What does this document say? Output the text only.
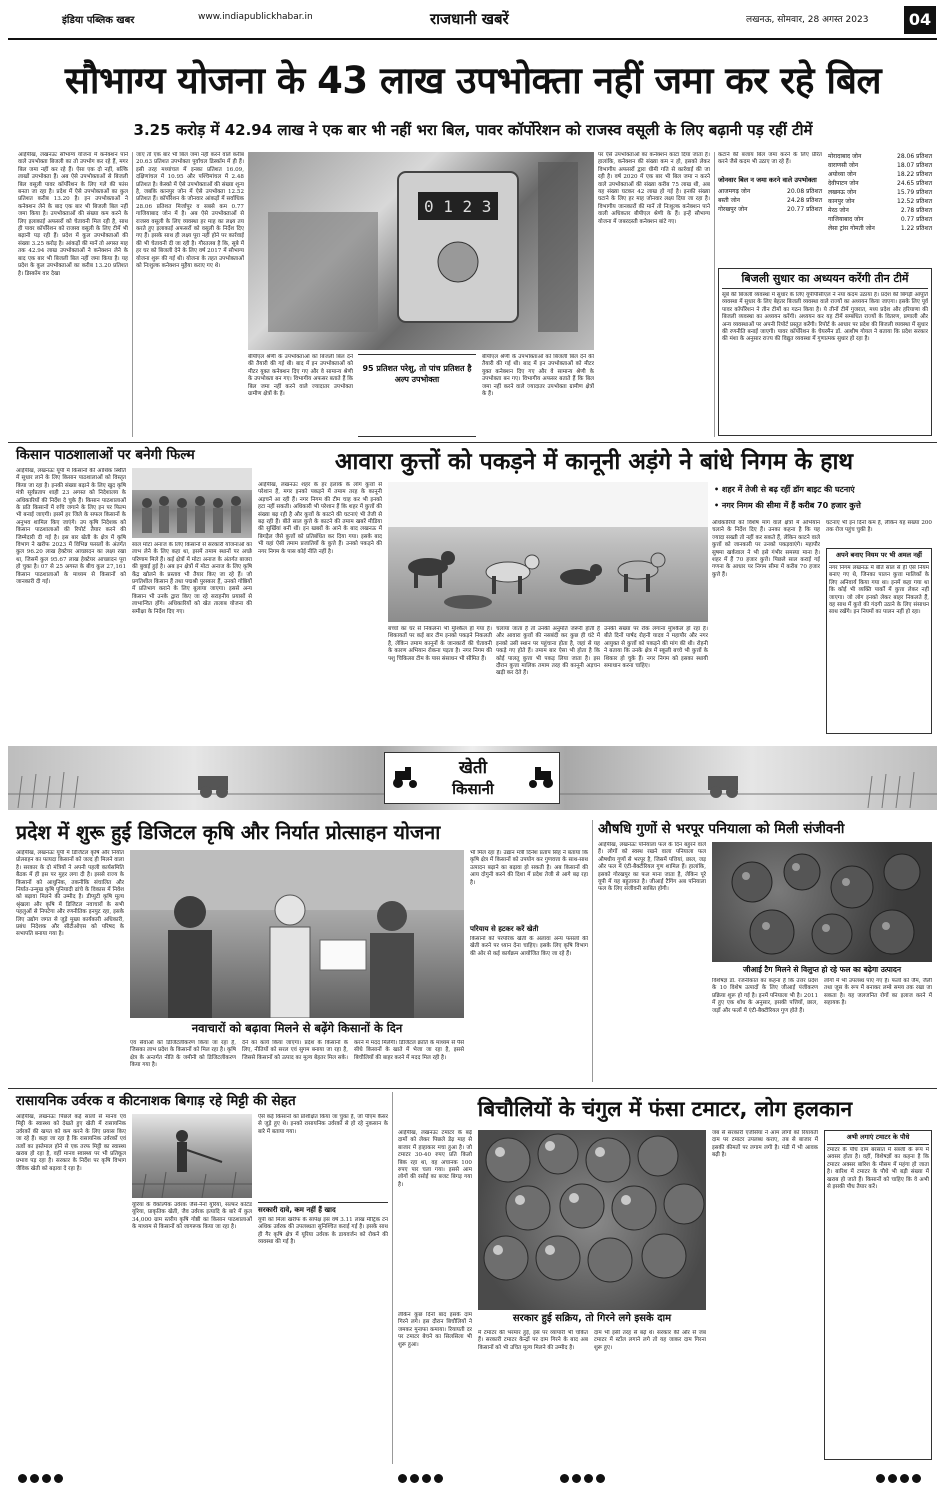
इंडिया पब्लिक खबर	www.indiapublickhabar.in	राजधानी खबरें	लखनऊ, सोमवार, 28 अगस्त 2023	04
सौभाग्य योजना के 43 लाख उपभोक्ता नहीं जमा कर रहे बिल
3.25 करोड़ में 42.94 लाख ने एक बार भी नहीं भरा बिल, पावर कॉर्पोरेशन को राजस्व वसूली के लिए बढ़ानी पड़ रहीं टीमें
आईपीख, लखनऊः सौभाग्य योजना में कनेक्शन पाने वाले उपभोक्ता बिजली का तो उपभोग कर रहे हैं, मगर बिल जमा नहीं कर रहे हैं। ऐसा एक दो नहीं, बल्कि लाखों उपभोक्ता हैं। अब ऐसे उपभोक्ताओं से बिजली बिल वसूली पावर कॉर्पोरेशन के लिए गले की फांस बनता जा रहा है। प्रदेश में ऐसे उपभोक्ताओं का कुल प्रतिशत करीब 13.20 है। इन उपभोक्ताओं ने कनेक्शन लेने के बाद एक बार भी बिजली बिल नहीं जमा किया है। उपभोक्ताओं की संख्या कम करने के लिए इलाकाई अफसरों को चेतावनी मिल रही है, साथ ही पावर कॉर्पोरेशन को राजस्व वसूली के लिए टीमें भी बढ़ानी पड़ रही हैं। प्रदेश में कुल उपभोक्ताओं की संख्या 3.25 करोड़ है। आंकड़ों की मानें तो अगस्त माह तक 42.94 लाख उपभोक्ताओं ने कनेक्शन लेने के बाद एक बार भी बिजली बिल नहीं जमा किया है। यह प्रदेश के कुल उपभोक्ताओं का करीब 13.20 प्रतिशत है। डिस्कॉम वार देखा
जाए तो एक बार भी बिल जमा नहीं करने वाले करीब 20.63 प्रतिशत उपभोक्ता पूर्वांचल डिस्कॉम में ही हैं। इसी तरह मध्यांचल में इनका प्रतिशत 16.09, दक्षिणांचल में 10.95 और पश्चिमांचल में 2.48 प्रतिशत है। केस्को में ऐसे उपभोक्ताओं की संख्या शून्य है, जबकि कानपुर जोन में ऐसे उपभोक्ता 12.52 प्रतिशत हैं। कॉर्पोरेशन के जोनवार आंकड़ों में सर्वाधिक 28.06 प्रतिशत मिर्जापुर व सबसे कम 0.77 गाजियाबाद जोन में है। अब ऐसे उपभोक्ताओं से राजस्व वसूली के लिए व्यवस्था हर माह का लक्ष्य तय करते हुए इलाकाई अफसरों को वसूली के निर्देश दिए गए हैं। इसके साथ ही लक्ष्य पूरा नहीं होने पर कार्रवाई की भी चेतावनी दी जा रही है। गौरतलब है कि, सूबे में हर घर को बिजली देने के लिए वर्ष 2017 में सौभाग्य योजना शुरू की गई थी। योजना के तहत उपभोक्ताओं को निःशुल्क कनेक्शन मुहैया कराए गए थे।
0 1 2 3
बीपीएल श्रेणी के उपभोक्ताओं को बिजली बिल देने की तैयारी की गई थी। बाद में इन उपभोक्ताओं को मीटर युक्त कनेक्शन दिए गए और वे सामान्य श्रेणी के उपभोक्ता बन गए। विभागीय अफसर बताते हैं कि बिल जमा नहीं करने वाले ज्यादातर उपभोक्ता ग्रामीण क्षेत्रों के हैं।
95 प्रतिशत परेशु, तो पांच प्रतिशत है अल्प उपभोक्ता
बीपीएल श्रेणी के उपभोक्ताओं को बिजली बिल देने की तैयारी की गई थी। बाद में इन उपभोक्ताओं को मीटर युक्त कनेक्शन दिए गए और वे सामान्य श्रेणी के उपभोक्ता बन गए। विभागीय अफसर बताते हैं कि बिल जमा नहीं करने वाले ज्यादातर उपभोक्ता ग्रामीण क्षेत्रों के हैं।
पर ऐसे उपभोक्ताओं का कनेक्शन काटा दिया जाता है। हालांकि, कनेक्शन की संख्या कम न हो, इसको लेकर विभागीय अफसरों द्वारा धीमी गति से कार्रवाई की जा रही है। वर्ष 2020 में एक बार भी बिल जमा न करने वाले उपभोक्ताओं की संख्या करीब 75 लाख थी, अब यह संख्या घटकर 42 लाख हो गई है। इनकी संख्या घटाने के लिए हर माह जोनवार लक्ष्य दिया जा रहा है। विभागीय जानकारों की मानें तो निःशुल्क कनेक्शन पाने वाली अधिकतर बीपीएल श्रेणी के हैं। इन्हें सौभाग्य योजना में जबरदस्ती कनेक्शन बांटे गए।
कटाने की बजाय बिल जमा करने के लिए प्रेरित करने जैसे कदम भी उठाए जा रहे हैं।
जोनवार बिल न जमा करने वाले उपभोक्ता
आजमगढ़ जोन	20.08 प्रतिशत
बस्ती जोन	24.28 प्रतिशत
गोरखपुर जोन	20.77 प्रतिशत
मोरादाबाद जोन	28.06 प्रतिशत
वाराणसी जोन	18.07 प्रतिशत
अयोध्या जोन	18.22 प्रतिशत
देवीपाटन जोन	24.65 प्रतिशत
लखनऊ जोन	15.79 प्रतिशत
कानपुर जोन	12.52 प्रतिशत
मेरठ जोन	2.78 प्रतिशत
गाजियाबाद जोन	0.77 प्रतिशत
लेसा ट्रांस गोमती जोन	1.22 प्रतिशत
बिजली सुधार का अध्ययन करेंगी तीन टीमें
सूबे की बिजली व्यवस्था में सुधार के लिए यूपीपीसीएल ने नया कदम उठाया है। प्रदेश की बिगड़ी आपूर्ति व्यवस्था में सुधार के लिए बेहतर बिजली व्यवस्था वाले राज्यों का अध्ययन किया जाएगा। इसके लिए पूर्व पावर कॉर्पोरेशन ने तीन टीमों का गठन किया है। ये तीनों टीमें गुजरात, मध्य प्रदेश और हरियाणा की बिजली व्यवस्था का अध्ययन करेंगी। अध्ययन कर यह टीमें सम्बंधित राज्यों के वितरण, प्रणाली और अन्य व्यवस्थाओं पर अपनी रिपोर्ट प्रस्तुत करेंगी। रिपोर्ट के आधार पर प्रदेश की बिजली व्यवस्था में सुधार की रणनीति बनाई जाएगी। पावर कॉर्पोरेशन के चेयरमैन डॉ. आशीष गोयल ने बताया कि प्रदेश सरकार की मंशा के अनुसार राज्य की विद्युत व्यवस्था में गुणात्मक सुधार हो रहा है।
किसान पाठशालाओं पर बनेगी फिल्म
आईपीख, लखनऊः यूपी में किसानों की आर्थिक स्थिति में सुधार लाने के लिए किसान पाठशालाओं को विस्तृत किया जा रहा है। इनकी संख्या बढ़ाने के लिए खुद कृषि मंत्री सूर्यप्रताप शाही 23 अगस्त को निदेशालय के अधिकारियों की निर्देश दे चुके हैं। किसान पाठशालाओं के प्रति किसानों में रुचि जगाने के लिए इन पर फिल्म भी बनाई जाएगी। इसमें हर जिले के सफल किसानों के अनुभव शामिल किए जाएंगे। उप कृषि निदेशक को किसान पाठशालाओं की रिपोर्ट तैयार करने की जिम्मेदारी दी गई है। इस बार खेती के क्षेत्र में कृषि विभाग ने खरीफ 2023 में विभिन्न फसलों के अंतर्गत कुल 96.20 लाख हेक्टेयर आच्छादन का लक्ष्य रखा था, जिसमें कुल 95.67 लाख हेक्टेयर आच्छादन पूरा हो चुका है। 07 से 25 अगस्त के बीच कुल 27,161 किसान पाठशालाओं के माध्यम से किसानों को जानकारी दी गई।
साल मोटा अनाज के लिए किसानों से सरकारी योजनाओं का लाभ लेने के लिए कहा था, इसमें तमाम स्थानों पर अच्छे परिणाम मिले हैं। कई क्षेत्रों में मोटा अनाज के अंतर्गत बाजरा की बुवाई हुई है। अब इन क्षेत्रों में मोटा अनाज के लिए कृषि केंद्र खोलने के प्रस्ताव भी तैयार किए जा रहे हैं। जो प्रगतिशील किसान हैं तथा पद्मश्री पुरस्कार हैं, उनको गोष्ठियों में प्रतिभाग कराने के लिए बुलाया जाएगा। इससे अन्य किसान भी उनके द्वारा किए जा रहे सराहनीय प्रयासों से लाभान्वित होंगे। अधिकारियों को खेत तालाब योजना की समीक्षा के निर्देश दिए गए।
आवारा कुत्तों को पकड़ने में कानूनी अड़ंगे ने बांधे निगम के हाथ
आईपीख, लखनऊः शहर के हर इलाके के लोग कुत्तों से परेशान हैं, मगर इनको पकड़ने में तमाम तरह के कानूनी अड़चनें आ रही हैं। नगर निगम की टीम चाह कर भी इनको हटा नहीं सकती। अधिकारी भी परेशान हैं कि शहर में कुत्तों की संख्या बढ़ रही है और कुत्तों के काटने की घटनाएं भी तेजी से बढ़ रही हैं। बीते साल कुत्ते के काटने की तमाम खबरें मीडिया की सुर्खियां बनीं थीं। इन खबरों के आने के बाद लखनऊ में बिगड़ैल जैसे कुत्तों को प्रतिबंधित कर दिया गया। इसके बाद भी यहां ऐसी तमाम प्रजातियों के कुत्ते हैं। उनको पकड़ने की नगर निगम के पास कोई नीति नहीं है।
• शहर में तेजी से बढ़ रहीं डॉग बाइट की घटनाएं
• नगर निगम की सीमा में हैं करीब 70 हजार कुत्ते
बच्चों का घर से निकलना भी मुश्किल हो गया है। शिकायतों पर कई बार टीम इनको पकड़ने निकलती है, लेकिन तमाम कानूनों के जानकारों की चेतावनी के कारण अभियान रोकना पड़ता है। नगर निगम की पशु चिकित्सा टीम के पास संसाधन भी सीमित हैं।
चलाया जाता है तो उनकी अनुमति जरूरी होती है और आवारा कुत्तों की नसबंदी कर कुछ ही घंटे में इनको उसी स्थान पर पहुंचाना होता है, जहां से यह पकड़े गए होते हैं। तमाम बार ऐसा भी होता है कि कोई पालतू कुत्ता भी पकड़ लिया जाता है। इस दौरान कुत्ता मालिक तमाम तरह की कानूनी अड़चन खड़ी कर देते हैं।
उनकी संख्या पर रोक लगाना मुश्किल हो रहा है। बीते दिनों पार्षद रोहनी यादव ने महापौर और नगर आयुक्त से कुत्तों को पकड़ने की मांग की थी। रोहनी ने बताया कि उनके क्षेत्र में स्कूली बच्चे भी कुत्तों के शिकार हो चुके हैं। नगर निगम को इसका स्थायी समाधान करना चाहिए।
अधिकारियों को विशेष मांग वाले क्षेत्रों में अभियान चलाने के निर्देश दिए हैं। उनका कहना है कि यह ज्यादा सख्ती तो नहीं कर सकते हैं, लेकिन काटने वाले कुत्तों को जानकारी पर उनको पकड़वाएंगे। महापौर सुषमा खर्कवाल ने भी इसे गंभीर समस्या माना है। शहर में हैं 70 हजार कुत्ते। पिछले साल कराई गई गणना के आधार पर निगम सीमा में करीब 70 हजार कुत्ते हैं।
घटनाएं भी इन दिनों कम हैं, लेकिन यह संख्या 200 तक रोज पहुंच चुकी है।
अपने बनाए नियम पर भी अमल नहीं
नगर निगम लखनऊ में बीते साल से ही ऐसे नियम बनाए गए थे, जिनका पालन कुत्ता मालिकों के लिए अनिवार्य किया गया था। इनमें कहा गया था कि कोई भी व्यक्ति पार्कों में कुत्ता लेकर नहीं जाएगा। जो लोग इनको लेकर बाहर निकलते हैं, वह साथ में कुत्ते की गंदगी उठाने के लिए संसाधन साथ रखेंगे। इन नियमों का पालन नहीं हो रहा।
खेती
किसानी
प्रदेश में शुरू हुई डिजिटल कृषि और निर्यात प्रोत्साहन योजना
आईपीख, लखनऊः यूपी में डिजिटल कृषि और निर्यात प्रोत्साहन का फायदा किसानों को जल्द ही मिलने वाला है। सरकार के दो मंत्रियों ने अपनी पहली कार्यसमिति बैठक में ही इस पर मुहर लगा दी है। इससे राज्य के किसानों को आधुनिक, तकनीकि संचालित और निर्यात-उन्मुख कृषि पुनियादी ढांचे के विकास में निवेश को बढ़ावा मिलने की उम्मीद है। डीप्युटी कृषि मूल्य श्रृंखला और कृषि में डिजिटल नवाचारों के सभी पहलुओं से निपटेगा और रणनीतिक इनपुट रहा, इसके लिए उद्योग जगत से जुड़े मुख्य कार्यकारी अधिकारी, प्रबंध निदेशक और सीटीओएस को परिषद के सभापति बनाया गया है।
नवाचारों को बढ़ावा मिलने से बढ़ेंगे किसानों के दिन
एवं सेवाओं को डिजिटलीकरण किया जा रहा है, जिसका लाभ प्रदेश के किसानों को मिल रहा है। कृषि क्षेत्र के अन्तर्गत नीति के जमीनी को डिजिटलीकरण किया गया है।
देने का कार्य किया जाएगा। प्रदेश के किसानों के लिए, नीतियों को सरल एवं सुगम बनाया जा रहा है, जिससे किसानों को उत्पाद का मूल्य बेहतर मिल सके।
करने में मदद मिलेगी। डिजिटल क्रांति के माध्यम से पैसे सीधे किसानों के खाते में भेजा जा रहा है, इससे बिचौलियों की बाहर करने में मदद मिल रही है।
भी मिल रहा है। उद्यान मंत्री दिनेश प्रताप सिंह ने बताया कि कृषि क्षेत्र में किसानों को उपयोग कर गुणवत्ता के साथ-साथ उत्पादन बढ़ाने का बढ़ावा हो सकती है। अब किसानों की आय दोगुनी करने की दिशा में प्रदेश तेजी से आगे बढ़ रहा है।
परियाय से हटकर करें खेती
किसानों को परंपरिक खेती के अलावा अन्य फसलों की खेती करने पर ध्यान देना चाहिए। इसके लिए कृषि विभाग की ओर से कई कार्यक्रम आयोजित किए जा रहे हैं।
औषधि गुणों से भरपूर पनियाला को मिली संजीवनी
आईपीख, लखनऊः पनियाला फल के दिन बहुरने वाले हैं। लोगों को स्वस्थ रखने वाला पनियाला फल औषधीय गुणों से भरपूर है, जिसमें पत्तियां, छाल, जड़ और फल में एंटी-बैक्टीरियल गुण शामिल हैं। हालांकि, इसको गोरखपुर का फल माना जाता है, लेकिन पूरे यूपी में यह बहुतायत है। जीआई टैगिंग अब पनियाला फल के लिए संजीवनी साबित होगी।
जीआई टैग मिलने से विलुप्त हो रहे फल का बढ़ेगा उत्पादन
विशेषज्ञ डॉ. रजनीकांत का कहना है कि उत्तर प्रदेश के 10 विशेष उत्पादों के लिए जीआई पंजीकरण प्रक्रिया शुरू हो गई है। इनमें पनियाला भी है। 2011 में हुए एक शोध के अनुसार, इसकी पत्तियों, छाल, जड़ों और फलों में एंटी-बैक्टीरियल गुण होते हैं।
लोगों में भी उपलब्ध पाए गए हैं। फलों को जैम, जैली तथा जूस के रूप में बनाकर लम्बे समय तक रखा जा सकता है। यह जलजनित रोगों का इलाज करने में सहायक है।
रासायनिक उर्वरक व कीटनाशक बिगाड़ रहे मिट्टी की सेहत
आईपीख, लखनऊः पिछले कई सालों से मानव एवं मिट्टी के स्वास्थ्य को देखते हुए खेती में रासायनिक उर्वरकों की खपत को कम करने के लिए प्रयास किए जा रहे हैं। कहा जा रहा है कि रासायनिक उर्वरकों एवं तत्वों का इस्तेमाल होने से एक तरफ मिट्टी का स्वास्थ्य खराब हो रहा है, वहीं मानव स्वास्थ्य पर भी प्रतिकूल प्रभाव पड़ रहा है। सरकार के निर्देश पर कृषि विभाग जैविक खेती को बढ़ावा दे रहा है।
यूरिया के वैकल्पिक उर्वरक जैसे-नैनो यूरिया, सल्फर कोटेड यूरिया, प्राकृतिक खेती, जैव उर्वरक इत्यादि के बारे में कुल 34,000 ग्राम स्तरीय कृषि गोष्ठी का किसान पाठशालाओं के माध्यम से किसानों को जागरूक किया जा रहा है।
ऐसे कई किसानों को प्रशिक्षित किया जा चुका है, जो पीएम कैंसर से जुड़े हुए थे। इनको रासायनिक उर्वरकों से हो रहे नुकसान के बारे में बताया गया।
सरकारी दावे, कम नहीं हैं खाद
यूपी को मिला खरीफ के सापेक्ष इस वर्ष 3.11 लाख मीट्रिक टन अधिक उर्वरक की उपलब्धता सुनिश्चित कराई गई है। इसके साथ ही गैर कृषि क्षेत्र में यूरिया उर्वरक के डायवर्जन को रोकने की व्यवस्था की गई है।
बिचौलियों के चंगुल में फंसा टमाटर, लोग हलकान
आईपीख, लखनऊः टमाटर के बढ़े दामों को लेकर पिछले डेढ़ माह से बाजार में हाहाकार मचा हुआ है। जो टमाटर 30-40 रुपए प्रति किलो बिक रहा था, वह अचानक 100 रुपए पार चला गया। इससे आम लोगों की रसोई का बजट बिगड़ गया है।
लेकिन कुछ दिनों बाद इसके दाम गिरने लगे। इस दौरान बिचौलियों ने जमकर मुनाफा कमाया। रियायती दर पर टमाटर बेचने का सिलसिला भी शुरू हुआ।
सरकार हुई सक्रिय, तो गिरने लगे इसके दाम
में टमाटर की भरमार हुई, इस पर व्यापारी भी चकित हैं। सरकारी टमाटर केन्द्रों पर दाम गिरने के बाद अब किसानों को भी उचित मूल्य मिलने की उम्मीद है।
दाम भी इसी तरह से बढ़े थे। सरकार की ओर से जब टमाटर में स्टॉल लगाने लगे तो यह जाकर दाम गिरना शुरू हुए।
जब से सरकारी एजेंसियां ने आम लोगों को रियायती दाम पर टमाटर उपलब्ध कराए, तब से बाजार में इसकी कीमतों पर लगाम लगी है। मंडी में भी आवक बढ़ी है।
अभी लगाएं टमाटर के पौधे
टमाटर के पौधे दाम बरसात में सब्जी के रूप में अवसर होता है। वहीं, विशेषज्ञों का कहना है कि टमाटर अक्सर बारिश के मौसम में महंगा हो जाता है। बारिश में टमाटर के पौधे भी बड़ी संख्या में खराब हो जाते हैं। किसानों को चाहिए कि वे अभी से इसकी पौध तैयार करें।
